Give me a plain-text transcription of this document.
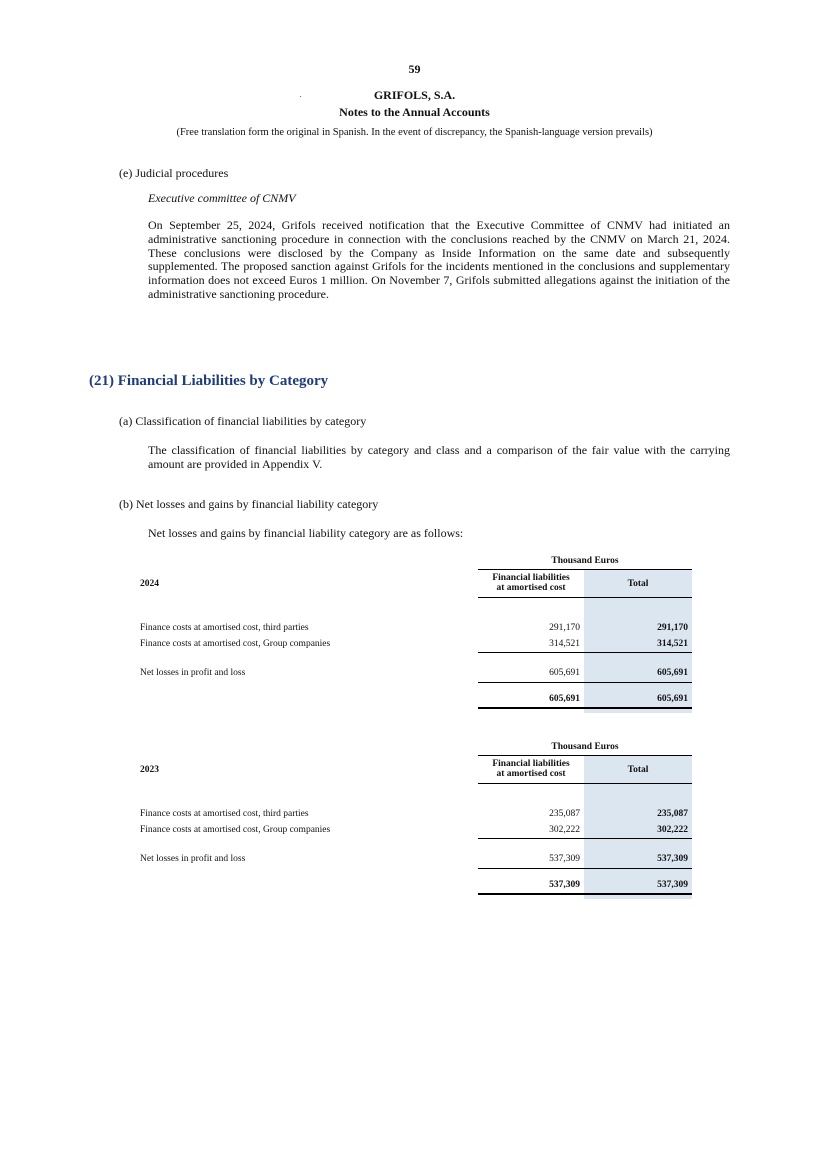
59
GRIFOLS, S.A.
Notes to the Annual Accounts
(Free translation form the original in Spanish. In the event of discrepancy, the Spanish-language version prevails)
(e) Judicial procedures
Executive committee of CNMV
On September 25, 2024, Grifols received notification that the Executive Committee of CNMV had initiated an administrative sanctioning procedure in connection with the conclusions reached by the CNMV on March 21, 2024. These conclusions were disclosed by the Company as Inside Information on the same date and subsequently supplemented. The proposed sanction against Grifols for the incidents mentioned in the conclusions and supplementary information does not exceed Euros 1 million. On November 7, Grifols submitted allegations against the initiation of the administrative sanctioning procedure.
(21) Financial Liabilities by Category
(a) Classification of financial liabilities by category
The classification of financial liabilities by category and class and a comparison of the fair value with the carrying amount are provided in Appendix V.
(b) Net losses and gains by financial liability category
Net losses and gains by financial liability category are as follows:
Thousand Euros
Financial liabilities
at amortised cost	Total
2024
Finance costs at amortised cost, third parties	291,170	291,170
Finance costs at amortised cost, Group companies	314,521	314,521
Net losses in profit and loss	605,691	605,691
605,691	605,691
Thousand Euros
Financial liabilities
at amortised cost	Total
2023
Finance costs at amortised cost, third parties	235,087	235,087
Finance costs at amortised cost, Group companies	302,222	302,222
Net losses in profit and loss	537,309	537,309
537,309	537,309
